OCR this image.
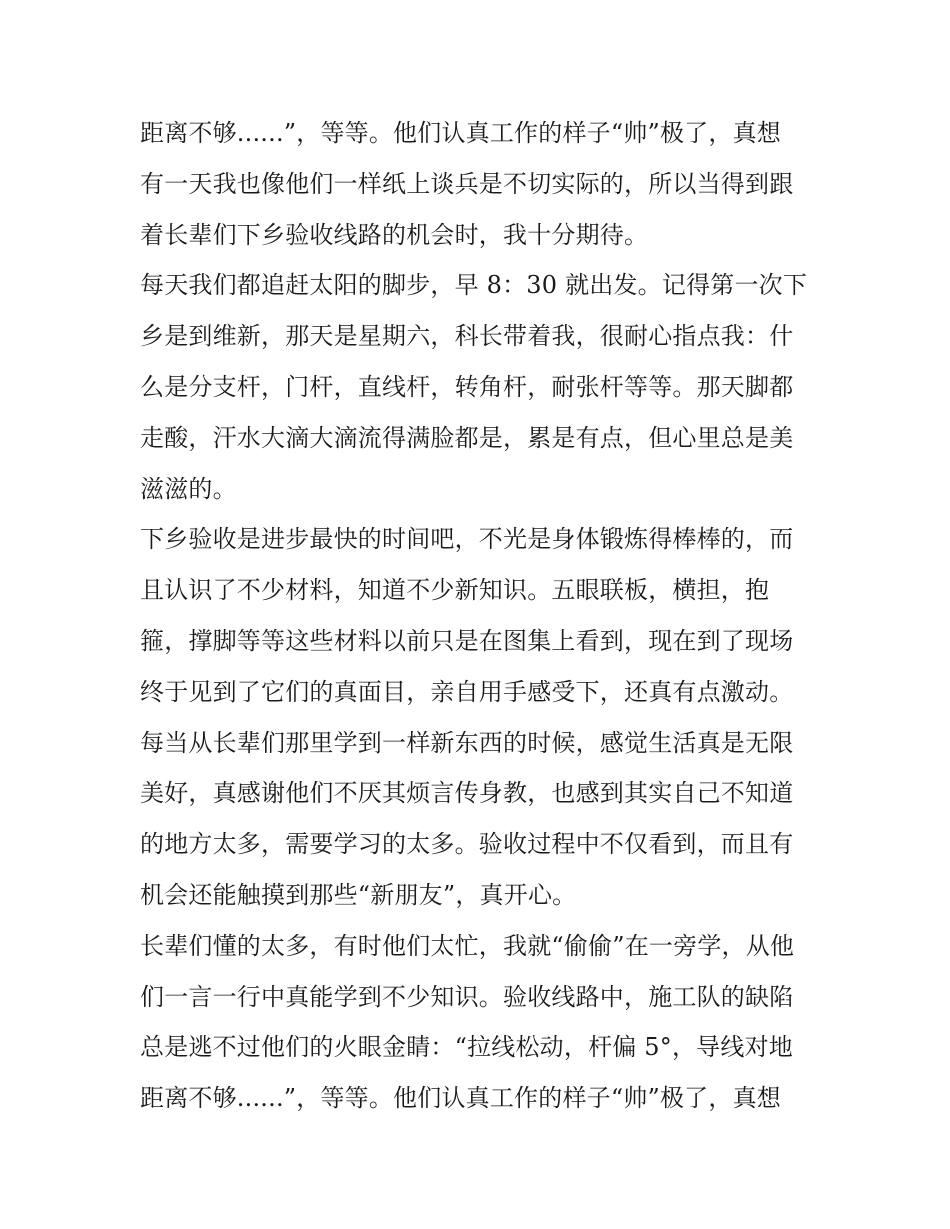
距离不够......”，等等。他们认真工作的样子“帅”极了，真想
有一天我也像他们一样纸上谈兵是不切实际的，所以当得到跟
着长辈们下乡验收线路的机会时，我十分期待。
每天我们都追赶太阳的脚步，早 8：30 就出发。记得第一次下
乡是到维新，那天是星期六，科长带着我，很耐心指点我：什
么是分支杆，门杆，直线杆，转角杆，耐张杆等等。那天脚都
走酸，汗水大滴大滴流得满脸都是，累是有点，但心里总是美
滋滋的。
下乡验收是进步最快的时间吧，不光是身体锻炼得棒棒的，而
且认识了不少材料，知道不少新知识。五眼联板，横担，抱
箍，撑脚等等这些材料以前只是在图集上看到，现在到了现场
终于见到了它们的真面目，亲自用手感受下，还真有点激动。
每当从长辈们那里学到一样新东西的时候，感觉生活真是无限
美好，真感谢他们不厌其烦言传身教，也感到其实自己不知道
的地方太多，需要学习的太多。验收过程中不仅看到，而且有
机会还能触摸到那些“新朋友”，真开心。
长辈们懂的太多，有时他们太忙，我就“偷偷”在一旁学，从他
们一言一行中真能学到不少知识。验收线路中，施工队的缺陷
总是逃不过他们的火眼金睛：“拉线松动，杆偏 5°，导线对地
距离不够......”，等等。他们认真工作的样子“帅”极了，真想
